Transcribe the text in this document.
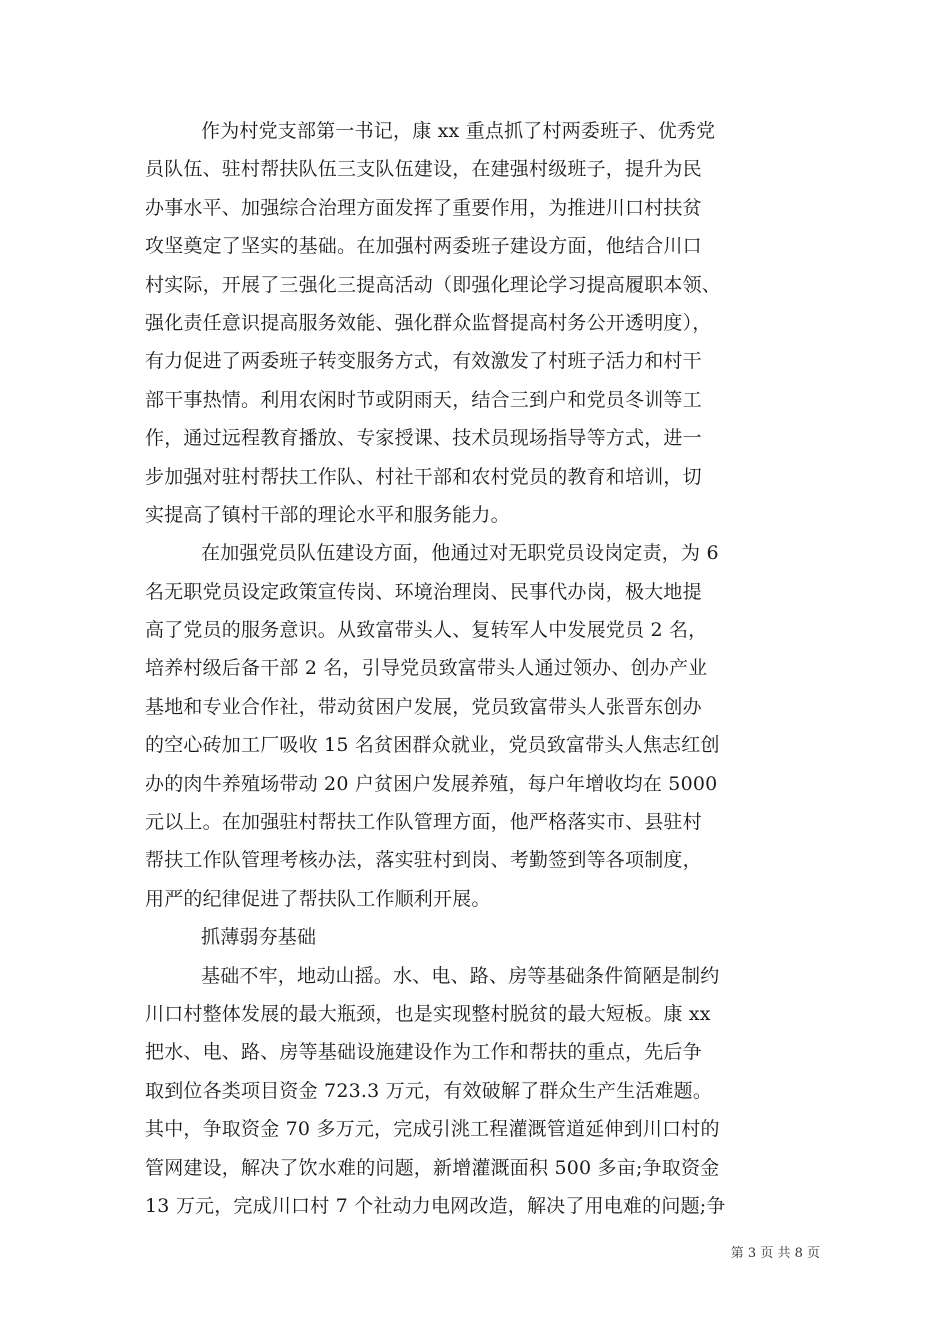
作为村党支部第一书记，康 xx 重点抓了村两委班子、优秀党
员队伍、驻村帮扶队伍三支队伍建设，在建强村级班子，提升为民
办事水平、加强综合治理方面发挥了重要作用，为推进川口村扶贫
攻坚奠定了坚实的基础。在加强村两委班子建设方面，他结合川口
村实际，开展了三强化三提高活动（即强化理论学习提高履职本领、
强化责任意识提高服务效能、强化群众监督提高村务公开透明度），
有力促进了两委班子转变服务方式，有效激发了村班子活力和村干
部干事热情。利用农闲时节或阴雨天，结合三到户和党员冬训等工
作，通过远程教育播放、专家授课、技术员现场指导等方式，进一
步加强对驻村帮扶工作队、村社干部和农村党员的教育和培训，切
实提高了镇村干部的理论水平和服务能力。
在加强党员队伍建设方面，他通过对无职党员设岗定责，为 6
名无职党员设定政策宣传岗、环境治理岗、民事代办岗，极大地提
高了党员的服务意识。从致富带头人、复转军人中发展党员 2 名，
培养村级后备干部 2 名，引导党员致富带头人通过领办、创办产业
基地和专业合作社，带动贫困户发展，党员致富带头人张晋东创办
的空心砖加工厂吸收 15 名贫困群众就业，党员致富带头人焦志红创
办的肉牛养殖场带动 20 户贫困户发展养殖，每户年增收均在 5000
元以上。在加强驻村帮扶工作队管理方面，他严格落实市、县驻村
帮扶工作队管理考核办法，落实驻村到岗、考勤签到等各项制度，
用严的纪律促进了帮扶队工作顺利开展。
抓薄弱夯基础
基础不牢，地动山摇。水、电、路、房等基础条件简陋是制约
川口村整体发展的最大瓶颈，也是实现整村脱贫的最大短板。康 xx
把水、电、路、房等基础设施建设作为工作和帮扶的重点，先后争
取到位各类项目资金 723.3 万元，有效破解了群众生产生活难题。
其中，争取资金 70 多万元，完成引洮工程灌溉管道延伸到川口村的
管网建设，解决了饮水难的问题，新增灌溉面积 500 多亩;争取资金
13 万元，完成川口村 7 个社动力电网改造，解决了用电难的问题;争
第 3 页 共 8 页
